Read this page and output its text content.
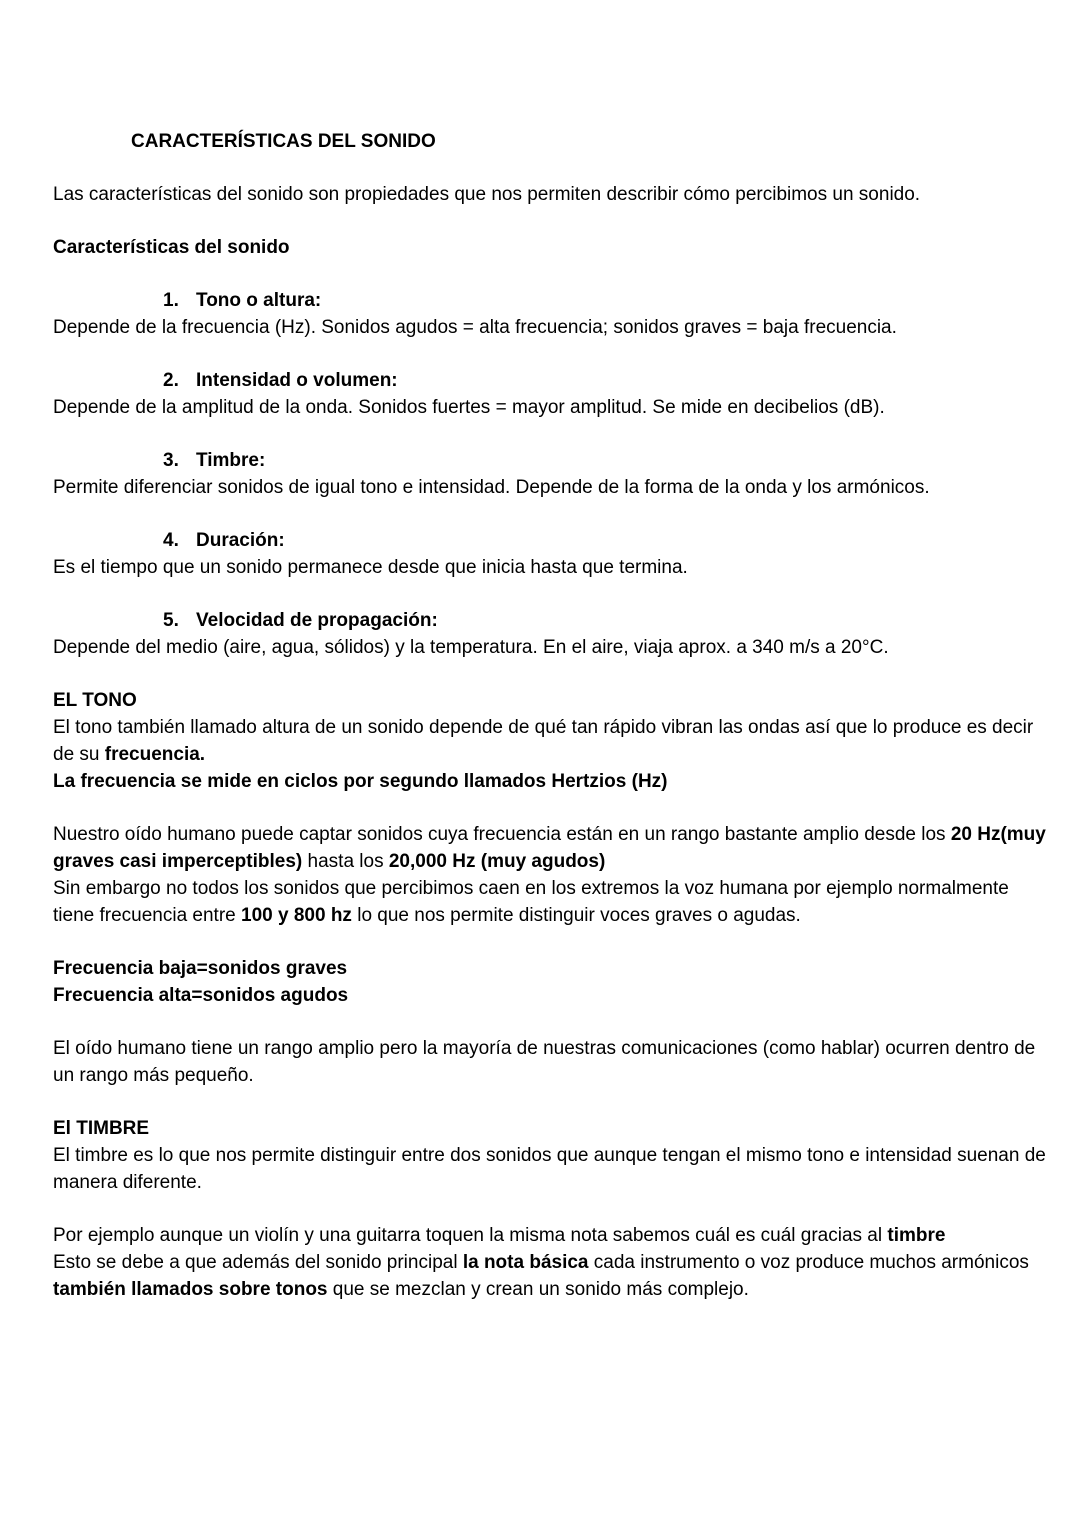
CARACTERÍSTICAS DEL SONIDO

Las características del sonido son propiedades que nos permiten describir cómo percibimos un sonido.

Características del sonido

1. Tono o altura:

Depende de la frecuencia (Hz). Sonidos agudos = alta frecuencia; sonidos graves = baja frecuencia.

2. Intensidad o volumen:

Depende de la amplitud de la onda. Sonidos fuertes = mayor amplitud. Se mide en decibelios (dB).

3. Timbre:

Permite diferenciar sonidos de igual tono e intensidad. Depende de la forma de la onda y los armónicos.

4. Duración:

Es el tiempo que un sonido permanece desde que inicia hasta que termina.

5. Velocidad de propagación:

Depende del medio (aire, agua, sólidos) y la temperatura. En el aire, viaja aprox. a 340 m/s a 20°C.

EL TONO

El tono también llamado altura de un sonido depende de qué tan rápido vibran las ondas así que lo produce es decir de su frecuencia.

La frecuencia se mide en ciclos por segundo llamados Hertzios (Hz)

Nuestro oído humano puede captar sonidos cuya frecuencia están en un rango bastante amplio desde los 20 Hz(muy graves casi imperceptibles) hasta los 20,000 Hz (muy agudos)

Sin embargo no todos los sonidos que percibimos caen en los extremos la voz humana por ejemplo normalmente tiene frecuencia entre 100 y 800 hz lo que nos permite distinguir voces graves o agudas.

Frecuencia baja=sonidos graves

Frecuencia alta=sonidos agudos

El oído humano tiene un rango amplio pero la mayoría de nuestras comunicaciones (como hablar) ocurren dentro de un rango más pequeño.

El TIMBRE

El timbre es lo que nos permite distinguir entre dos sonidos que aunque tengan el mismo tono e intensidad suenan de manera diferente.

Por ejemplo aunque un violín y una guitarra toquen la misma nota sabemos cuál es cuál gracias al timbre

Esto se debe a que además del sonido principal la nota básica cada instrumento o voz produce muchos armónicos también llamados sobre tonos que se mezclan y crean un sonido más complejo.
